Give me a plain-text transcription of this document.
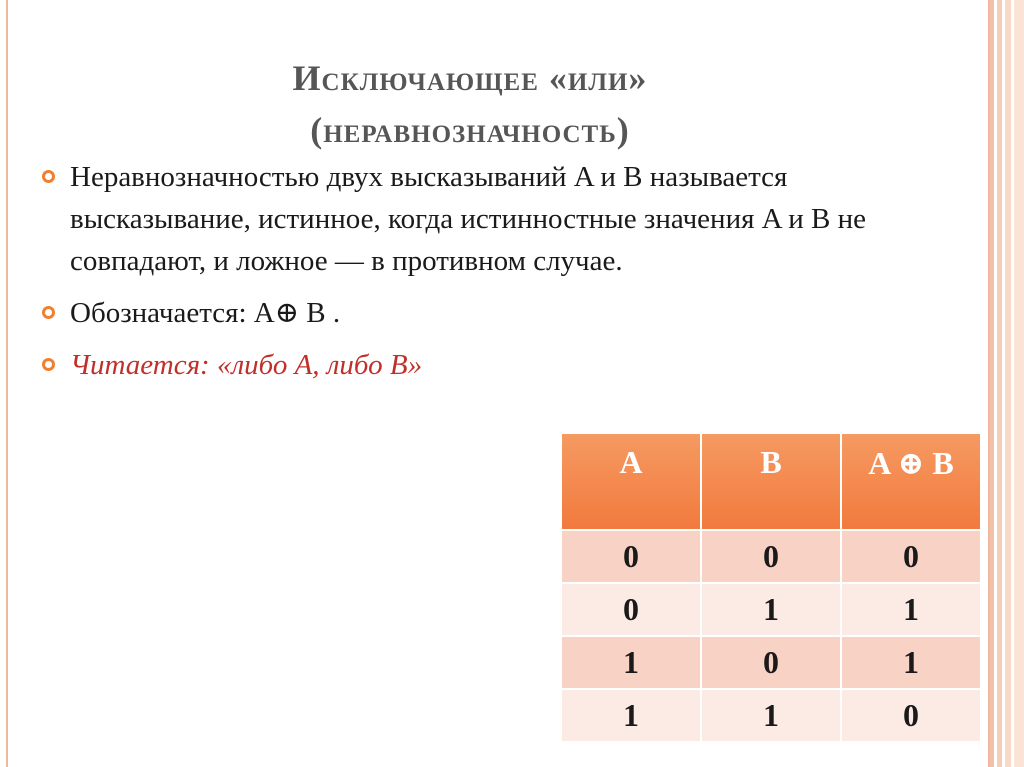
Исключающее «или»
(неравнозначность)
Неравнозначностью двух высказываний A и B называется высказывание, истинное, когда истинностные значения A и B не совпадают, и ложное — в противном случае.
Обозначается: A⊕ B .
Читается: «либо A, либо B»
A	B	A ⊕ B
0	0	0
0	1	1
1	0	1
1	1	0
